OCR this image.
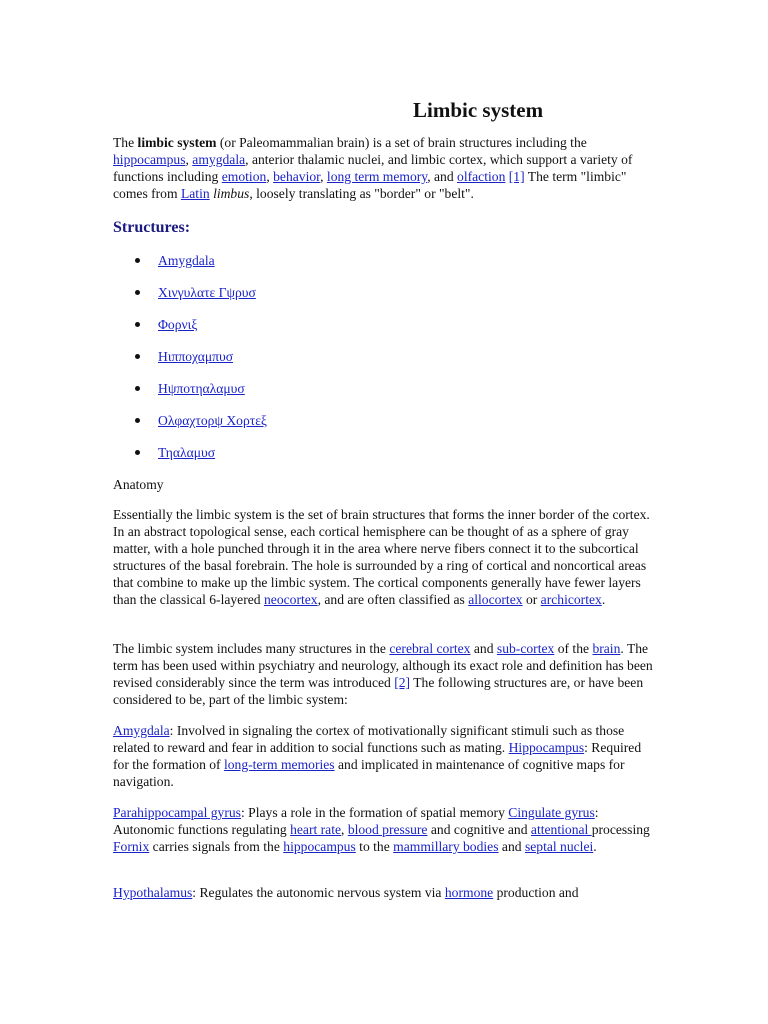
Limbic system

The limbic system (or Paleomammalian brain) is a set of brain structures including the hippocampus, amygdala, anterior thalamic nuclei, and limbic cortex, which support a variety of functions including emotion, behavior, long term memory, and olfaction [1] The term "limbic" comes from Latin limbus, loosely translating as "border" or "belt".

Structures:
Amygdala
Χινγυλατε Γψρυσ
Φορνιξ
Ηιπποχαμπυσ
Ηψποτηαλαμυσ
Ολφαχτορψ Χορτεξ
Τηαλαμυσ

Anatomy

Essentially the limbic system is the set of brain structures that forms the inner border of the cortex. In an abstract topological sense, each cortical hemisphere can be thought of as a sphere of gray matter, with a hole punched through it in the area where nerve fibers connect it to the subcortical structures of the basal forebrain. The hole is surrounded by a ring of cortical and noncortical areas that combine to make up the limbic system. The cortical components generally have fewer layers than the classical 6-layered neocortex, and are often classified as allocortex or archicortex.

The limbic system includes many structures in the cerebral cortex and sub-cortex of the brain. The term has been used within psychiatry and neurology, although its exact role and definition has been revised considerably since the term was introduced [2] The following structures are, or have been considered to be, part of the limbic system:

Amygdala: Involved in signaling the cortex of motivationally significant stimuli such as those related to reward and fear in addition to social functions such as mating. Hippocampus: Required for the formation of long-term memories and implicated in maintenance of cognitive maps for navigation.

Parahippocampal gyrus: Plays a role in the formation of spatial memory Cingulate gyrus: Autonomic functions regulating heart rate, blood pressure and cognitive and attentional processing Fornix carries signals from the hippocampus to the mammillary bodies and septal nuclei.

Hypothalamus: Regulates the autonomic nervous system via hormone production and
